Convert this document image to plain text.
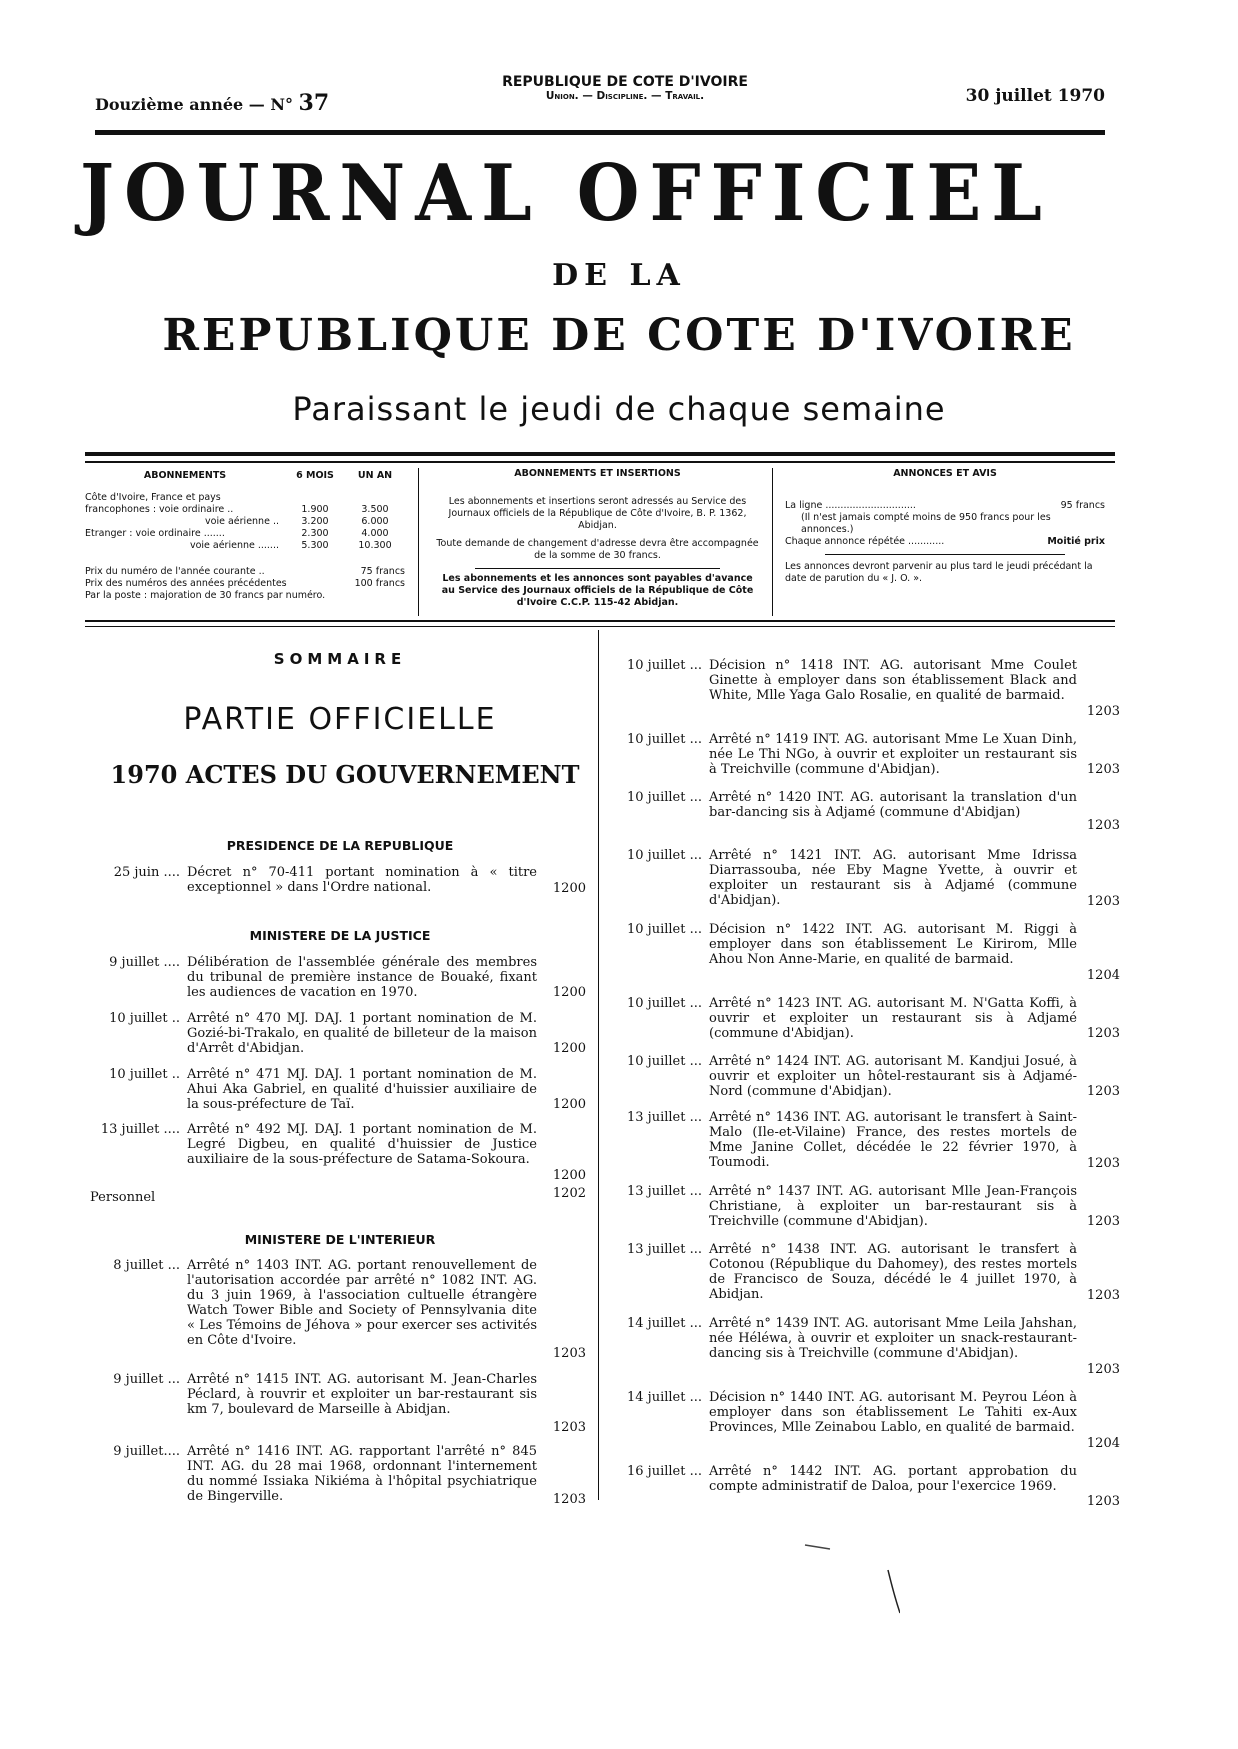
Douzième année — N° 37
REPUBLIQUE DE COTE D'IVOIRE
Union. — Discipline. — Travail.	30 juillet 1970
JOURNAL OFFICIEL
DE LA
REPUBLIQUE DE COTE D'IVOIRE
Paraissant le jeudi de chaque semaine
ABONNEMENTS	6 MOIS	UN AN

Côte d'Ivoire, France et pays		
francophones : voie ordinaire ..	1.900	3.500
voie aérienne ..	3.200	6.000
Etranger : voie ordinaire .......	2.300	4.000
voie aérienne .......	5.300	10.300

Prix du numéro de l'année courante ..		75 francs
Prix des numéros des années précédentes		100 francs
Par la poste : majoration de 30 francs par numéro.		
ABONNEMENTS ET INSERTIONS
Les abonnements et insertions seront adressés au Service des Journaux officiels de la République de Côte d'Ivoire, B. P. 1362, Abidjan.
Toute demande de changement d'adresse devra être accompagnée de la somme de 30 francs.
Les abonnements et les annonces sont payables d'avance au Service des Journaux officiels de la République de Côte d'Ivoire C.C.P. 115-42 Abidjan.
ANNONCES ET AVIS
La ligne ..............................	95 francs
(Il n'est jamais compté moins de 950 francs pour les annonces.)
Chaque annonce répétée ............	Moitié prix
Les annonces devront parvenir au plus tard le jeudi précédant la date de parution du « J. O. ».
SOMMAIRE
PARTIE OFFICIELLE
1970 ACTES DU GOUVERNEMENT
PRESIDENCE DE LA REPUBLIQUE
25 juin .... Décret n° 70-411 portant nomination à « titre exceptionnel » dans l'Ordre national.	1200
MINISTERE DE LA JUSTICE
9 juillet .... Délibération de l'assemblée générale des membres du tribunal de première instance de Bouaké, fixant les audiences de vacation en 1970.	1200
10 juillet .. Arrêté n° 470 MJ. DAJ. 1 portant nomination de M. Gozié-bi-Trakalo, en qualité de billeteur de la maison d'Arrêt d'Abidjan.	1200
10 juillet .. Arrêté n° 471 MJ. DAJ. 1 portant nomination de M. Ahui Aka Gabriel, en qualité d'huissier auxiliaire de la sous-préfecture de Taï.	1200
13 juillet .... Arrêté n° 492 MJ. DAJ. 1 portant nomination de M. Legré Digbeu, en qualité d'huissier de Justice auxiliaire de la sous-préfecture de Satama-Sokoura.
1200
Personnel	1202
MINISTERE DE L'INTERIEUR
8 juillet ... Arrêté n° 1403 INT. AG. portant renouvellement de l'autorisation accordée par arrêté n° 1082 INT. AG. du 3 juin 1969, à l'association cultuelle étrangère Watch Tower Bible and Society of Pennsylvania dite « Les Témoins de Jéhova » pour exercer ses activités en Côte d'Ivoire.
1203
9 juillet ... Arrêté n° 1415 INT. AG. autorisant M. Jean-Charles Péclard, à rouvrir et exploiter un bar-restaurant sis km 7, boulevard de Marseille à Abidjan.
1203
9 juillet.... Arrêté n° 1416 INT. AG. rapportant l'arrêté n° 845 INT. AG. du 28 mai 1968, ordonnant l'internement du nommé Issiaka Nikiéma à l'hôpital psychiatrique de Bingerville.	1203
10 juillet ... Décision n° 1418 INT. AG. autorisant Mme Coulet Ginette à employer dans son établissement Black and White, Mlle Yaga Galo Rosalie, en qualité de barmaid.
1203
10 juillet ... Arrêté n° 1419 INT. AG. autorisant Mme Le Xuan Dinh, née Le Thi NGo, à ouvrir et exploiter un restaurant sis à Treichville (commune d'Abidjan).	1203
10 juillet ... Arrêté n° 1420 INT. AG. autorisant la translation d'un bar-dancing sis à Adjamé (commune d'Abidjan)
1203
10 juillet ... Arrêté n° 1421 INT. AG. autorisant Mme Idrissa Diarrassouba, née Eby Magne Yvette, à ouvrir et exploiter un restaurant sis à Adjamé (commune d'Abidjan).	1203
10 juillet ... Décision n° 1422 INT. AG. autorisant M. Riggi à employer dans son établissement Le Kirirom, Mlle Ahou Non Anne-Marie, en qualité de barmaid.
1204
10 juillet ... Arrêté n° 1423 INT. AG. autorisant M. N'Gatta Koffi, à ouvrir et exploiter un restaurant sis à Adjamé (commune d'Abidjan).	1203
10 juillet ... Arrêté n° 1424 INT. AG. autorisant M. Kandjui Josué, à ouvrir et exploiter un hôtel-restaurant sis à Adjamé-Nord (commune d'Abidjan).	1203
13 juillet ... Arrêté n° 1436 INT. AG. autorisant le transfert à Saint-Malo (Ile-et-Vilaine) France, des restes mortels de Mme Janine Collet, décédée le 22 février 1970, à Toumodi.	1203
13 juillet ... Arrêté n° 1437 INT. AG. autorisant Mlle Jean-François Christiane, à exploiter un bar-restaurant sis à Treichville (commune d'Abidjan).	1203
13 juillet ... Arrêté n° 1438 INT. AG. autorisant le transfert à Cotonou (République du Dahomey), des restes mortels de Francisco de Souza, décédé le 4 juillet 1970, à Abidjan.	1203
14 juillet ... Arrêté n° 1439 INT. AG. autorisant Mme Leila Jahshan, née Héléwa, à ouvrir et exploiter un snack-restaurant-dancing sis à Treichville (commune d'Abidjan).
1203
14 juillet ... Décision n° 1440 INT. AG. autorisant M. Peyrou Léon à employer dans son établissement Le Tahiti ex-Aux Provinces, Mlle Zeinabou Lablo, en qualité de barmaid.
1204
16 juillet ... Arrêté n° 1442 INT. AG. portant approbation du compte administratif de Daloa, pour l'exercice 1969.
1203
